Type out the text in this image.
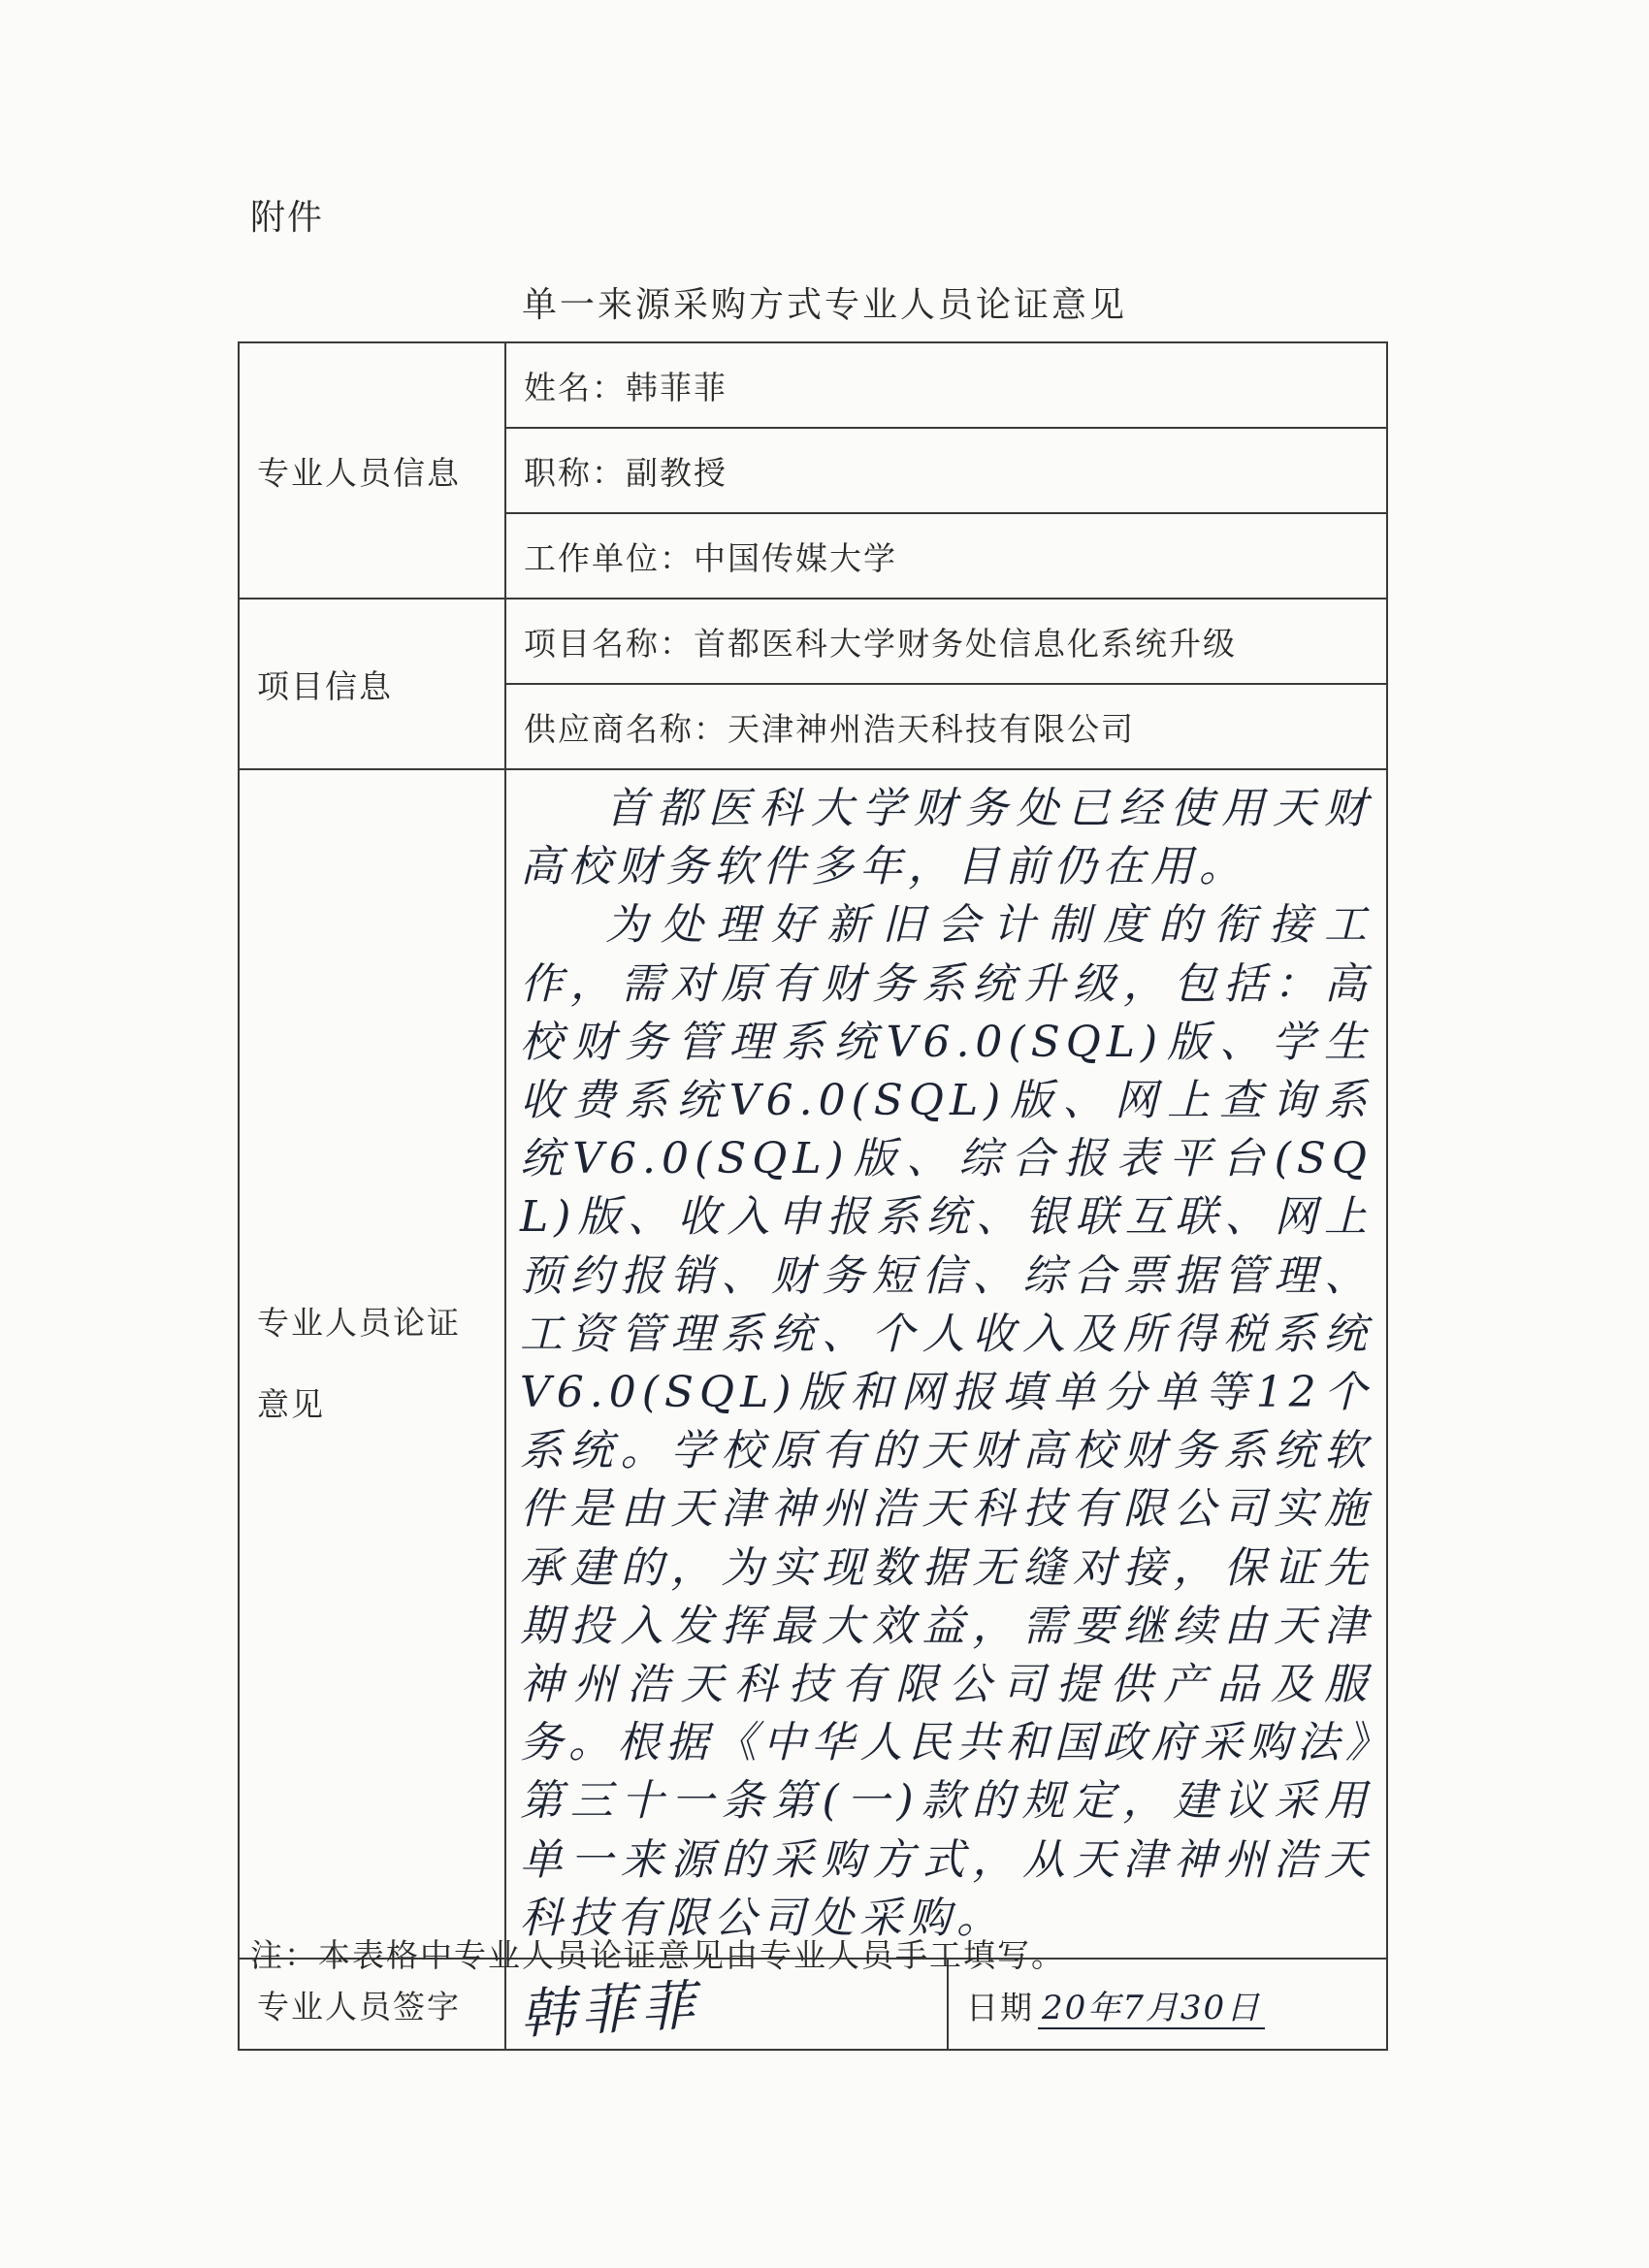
附件
单一来源采购方式专业人员论证意见
专业人员信息	姓名：韩菲菲
职称：副教授
工作单位：中国传媒大学
项目信息	项目名称：首都医科大学财务处信息化系统升级
供应商名称：天津神州浩天科技有限公司
专业人员论证意见	

首都医科大学财务处已经使用天财高校财务软件多年，目前仍在用。

为处理好新旧会计制度的衔接工作，需对原有财务系统升级，包括：高校财务管理系统V6.0(SQL)版、学生收费系统V6.0(SQL)版、网上查询系统V6.0(SQL)版、综合报表平台(SQL)版、收入申报系统、银联互联、网上预约报销、财务短信、综合票据管理、工资管理系统、个人收入及所得税系统V6.0(SQL)版和网报填单分单等12个系统。学校原有的天财高校财务系统软件是由天津神州浩天科技有限公司实施承建的，为实现数据无缝对接，保证先期投入发挥最大效益，需要继续由天津神州浩天科技有限公司提供产品及服务。根据《中华人民共和国政府采购法》第三十一条第(一)款的规定，建议采用单一来源的采购方式，从天津神州浩天科技有限公司处采购。

专业人员签字	韩菲菲	日期 20年7月30日
注：本表格中专业人员论证意见由专业人员手工填写。
